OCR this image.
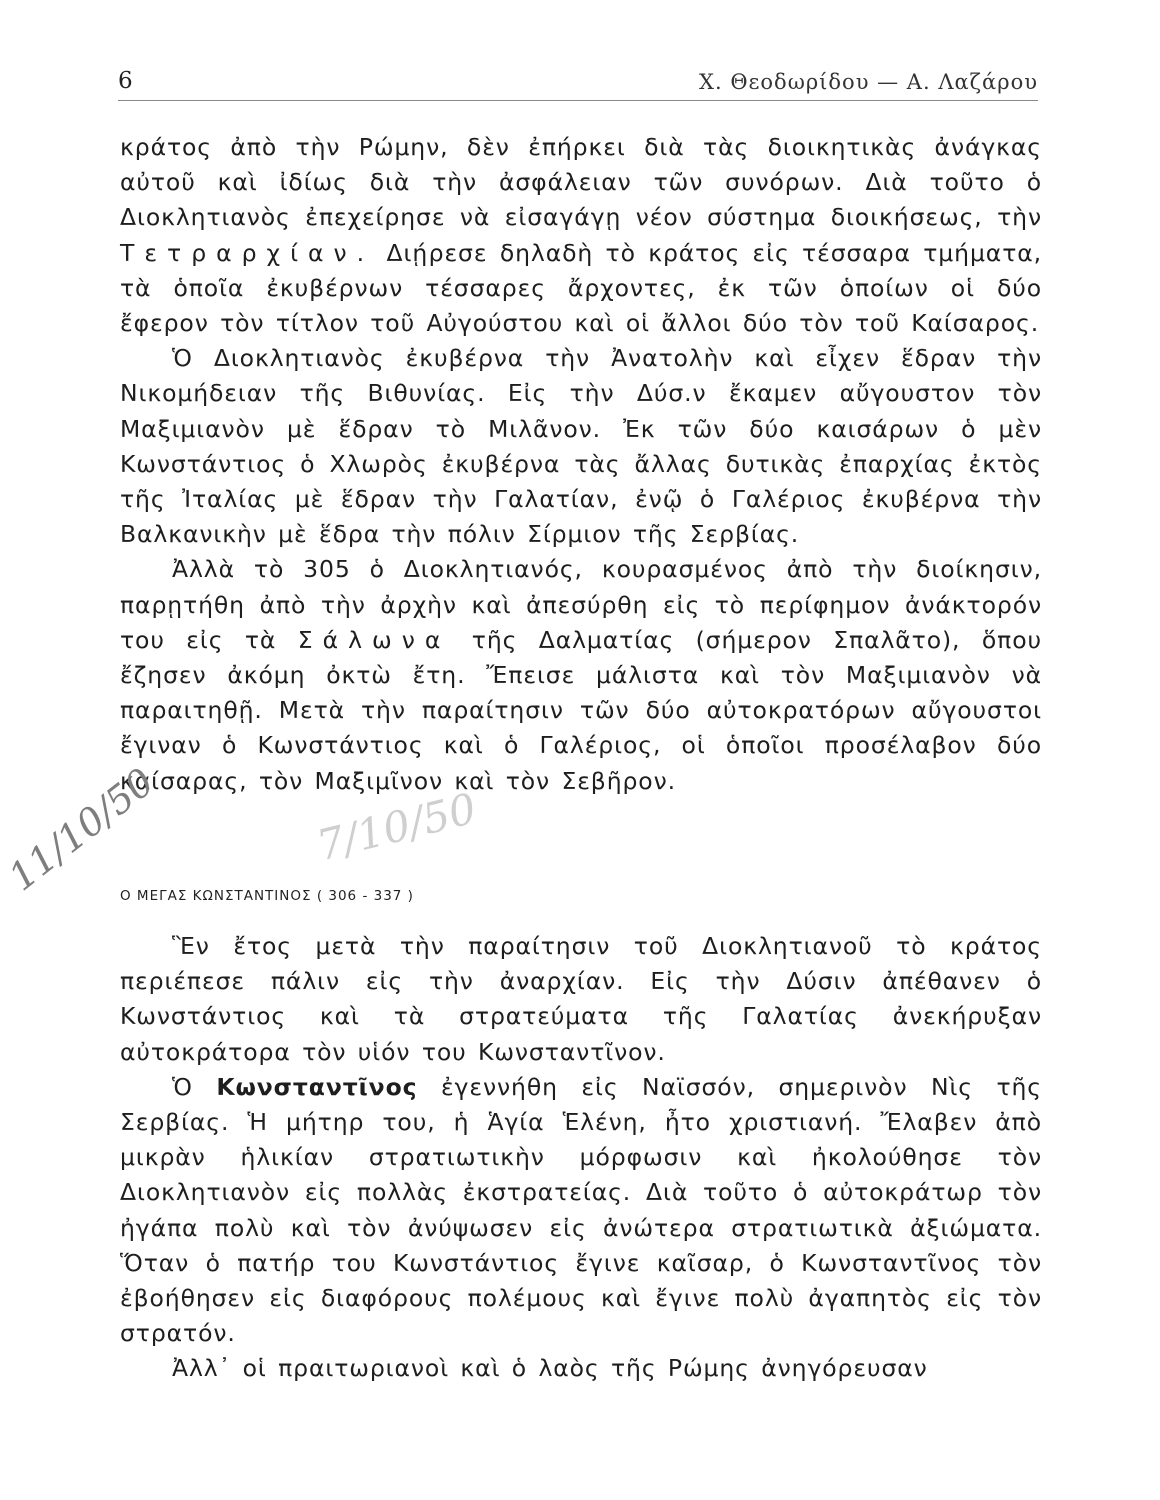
6	Χ. Θεοδωρίδου — Α. Λαζάρου

κράτος ἀπὸ τὴν Ρώμην, δὲν ἐπήρκει διὰ τὰς διοικητικὰς ἀνάγκας αὐτοῦ καὶ ἰδίως διὰ τὴν ἀσφάλειαν τῶν συνόρων. Διὰ τοῦτο ὁ Διοκλητιανὸς ἐπεχείρησε νὰ εἰσαγάγῃ νέον σύστημα διοικήσεως, τὴν Τετραρχίαν. Διῄρεσε δηλαδὴ τὸ κράτος εἰς τέσσαρα τμήματα, τὰ ὁποῖα ἐκυβέρνων τέσσαρες ἄρχοντες, ἐκ τῶν ὁποίων οἱ δύο ἔφερον τὸν τίτλον τοῦ Αὐγούστου καὶ οἱ ἄλλοι δύο τὸν τοῦ Καίσαρος.

Ὁ Διοκλητιανὸς ἐκυβέρνα τὴν Ἀνατολὴν καὶ εἶχεν ἕδραν τὴν Νικομήδειαν τῆς Βιθυνίας. Εἰς τὴν Δύσ.ν ἔκαμεν αὔγουστον τὸν Μαξιμιανὸν μὲ ἕδραν τὸ Μιλᾶνον. Ἐκ τῶν δύο καισάρων ὁ μὲν Κωνστάντιος ὁ Χλωρὸς ἐκυβέρνα τὰς ἄλλας δυτικὰς ἐπαρχίας ἐκτὸς τῆς Ἰταλίας μὲ ἕδραν τὴν Γαλατίαν, ἐνῷ ὁ Γαλέριος ἐκυβέρνα τὴν Βαλκανικὴν μὲ ἕδρα τὴν πόλιν Σίρμιον τῆς Σερβίας.

Ἀλλὰ τὸ 305 ὁ Διοκλητιανός, κουρασμένος ἀπὸ τὴν διοίκησιν, παρῃτήθη ἀπὸ τὴν ἀρχὴν καὶ ἀπεσύρθη εἰς τὸ περίφημον ἀνάκτορόν του εἰς τὰ Σάλωνα τῆς Δαλματίας (σήμερον Σπαλᾶτο), ὅπου ἔζησεν ἀκόμη ὀκτὼ ἔτη. Ἔπεισε μάλιστα καὶ τὸν Μαξιμιανὸν νὰ παραιτηθῇ. Μετὰ τὴν παραίτησιν τῶν δύο αὐτοκρατόρων αὔγουστοι ἔγιναν ὁ Κωνστάντιος καὶ ὁ Γαλέριος, οἱ ὁποῖοι προσέλαβον δύο καίσαρας, τὸν Μαξιμῖνον καὶ τὸν Σεβῆρον.

Ο ΜΕΓΑΣ ΚΩΝΣΤΑΝΤΙΝΟΣ ( 306 - 337 )

Ἓν ἔτος μετὰ τὴν παραίτησιν τοῦ Διοκλητιανοῦ τὸ κράτος περιέπεσε πάλιν εἰς τὴν ἀναρχίαν. Εἰς τὴν Δύσιν ἀπέθανεν ὁ Κωνστάντιος καὶ τὰ στρατεύματα τῆς Γαλατίας ἀνεκήρυξαν αὐτοκράτορα τὸν υἱόν του Κωνσταντῖνον.

Ὁ Κωνσταντῖνος ἐγεννήθη εἰς Ναϊσσόν, σημερινὸν Νὶς τῆς Σερβίας. Ἡ μήτηρ του, ἡ Ἁγία Ἑλένη, ἦτο χριστιανή. Ἔλαβεν ἀπὸ μικρὰν ἡλικίαν στρατιωτικὴν μόρφωσιν καὶ ἠκολούθησε τὸν Διοκλητιανὸν εἰς πολλὰς ἐκστρατείας. Διὰ τοῦτο ὁ αὐτοκράτωρ τὸν ἠγάπα πολὺ καὶ τὸν ἀνύψωσεν εἰς ἀνώτερα στρατιωτικὰ ἀξιώματα. Ὅταν ὁ πατήρ του Κωνστάντιος ἔγινε καῖσαρ, ὁ Κωνσταντῖνος τὸν ἐβοήθησεν εἰς διαφόρους πολέμους καὶ ἔγινε πολὺ ἀγαπητὸς εἰς τὸν στρατόν.

Ἀλλ᾽ οἱ πραιτωριανοὶ καὶ ὁ λαὸς τῆς Ρώμης ἀνηγόρευσαν

11/10/50	7/10/50
